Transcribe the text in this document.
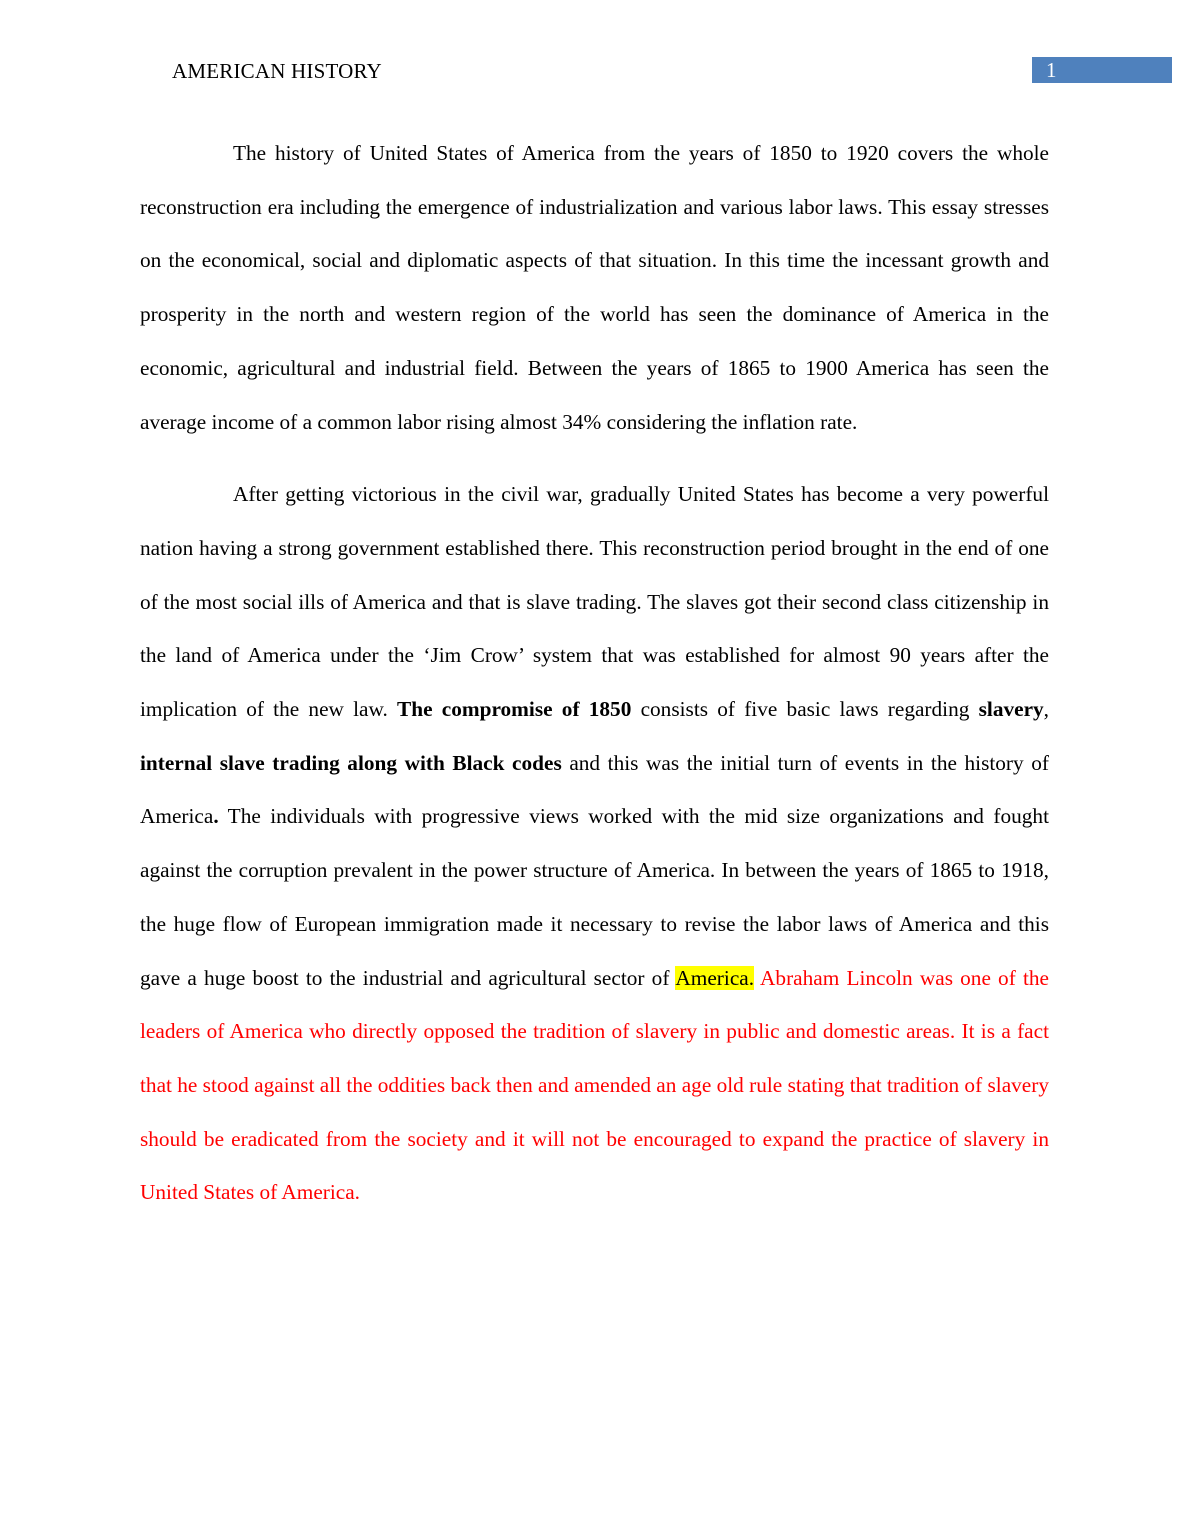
AMERICAN HISTORY	1

The history of United States of America from the years of 1850 to 1920 covers the whole reconstruction era including the emergence of industrialization and various labor laws. This essay stresses on the economical, social and diplomatic aspects of that situation. In this time the incessant growth and prosperity in the north and western region of the world has seen the dominance of America in the economic, agricultural and industrial field. Between the years of 1865 to 1900 America has seen the average income of a common labor rising almost 34% considering the inflation rate.

After getting victorious in the civil war, gradually United States has become a very powerful nation having a strong government established there. This reconstruction period brought in the end of one of the most social ills of America and that is slave trading. The slaves got their second class citizenship in the land of America under the ‘Jim Crow’ system that was established for almost 90 years after the implication of the new law. The compromise of 1850 consists of five basic laws regarding slavery, internal slave trading along with Black codes and this was the initial turn of events in the history of America. The individuals with progressive views worked with the mid size organizations and fought against the corruption prevalent in the power structure of America. In between the years of 1865 to 1918, the huge flow of European immigration made it necessary to revise the labor laws of America and this gave a huge boost to the industrial and agricultural sector of America. Abraham Lincoln was one of the leaders of America who directly opposed the tradition of slavery in public and domestic areas. It is a fact that he stood against all the oddities back then and amended an age old rule stating that tradition of slavery should be eradicated from the society and it will not be encouraged to expand the practice of slavery in United States of America.
